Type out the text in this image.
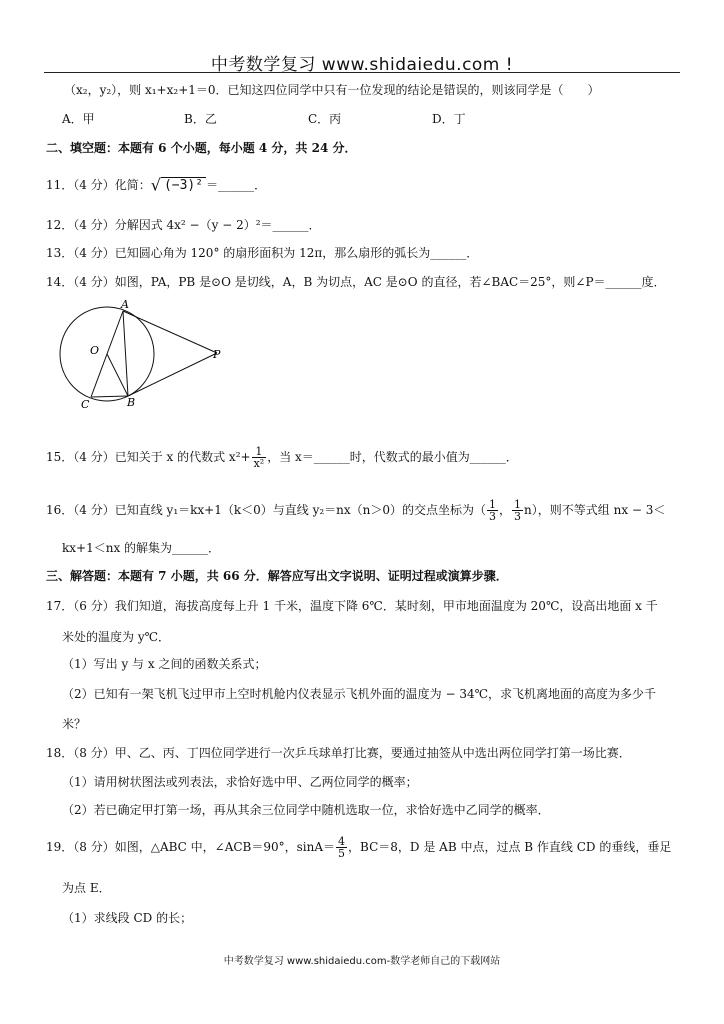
中考数学复习 www.shidaiedu.com !
（x₂，y₂），则 x₁+x₂+1＝0．已知这四位同学中只有一位发现的结论是错误的，则该同学是（　　）
A．甲	B．乙	C．丙	D．丁
二、填空题：本题有 6 个小题，每小题 4 分，共 24 分．
11．（4 分）化简：√ (−3)² ＝______．
12．（4 分）分解因式 4x² −（y − 2）²＝______．
13．（4 分）已知圆心角为 120° 的扇形面积为 12π，那么扇形的弧长为______．
14．（4 分）如图，PA，PB 是⊙O 是切线，A，B 为切点，AC 是⊙O 的直径，若∠BAC＝25°，则∠P＝______度．
A
O	P
C	B
15．（4 分）已知关于 x 的代数式 $x^2+ \frac{1}{\text{x²}}$ ，当 x＝______时，代数式的最小值为______．
16．（4 分）已知直线 y₁＝kx+1（k＜0）与直线 y₂＝nx（n＞0）的交点坐标为（ $\frac{1}{3}$ ， $\frac{1}{3} n$），则不等式组 nx − 3＜
kx+1＜nx 的解集为______．
三、解答题：本题有 7 小题，共 66 分．解答应写出文字说明、证明过程或演算步骤．
17．（6 分）我们知道，海拔高度每上升 1 千米，温度下降 6℃．某时刻，甲市地面温度为 20℃，设高出地面 x 千
米处的温度为 y℃．
（1）写出 y 与 x 之间的函数关系式；
（2）已知有一架飞机飞过甲市上空时机舱内仪表显示飞机外面的温度为 − 34℃，求飞机离地面的高度为多少千
米？
18．（8 分）甲、乙、丙、丁四位同学进行一次乒乓球单打比赛，要通过抽签从中选出两位同学打第一场比赛．
（1）请用树状图法或列表法，求恰好选中甲、乙两位同学的概率；
（2）若已确定甲打第一场，再从其余三位同学中随机选取一位，求恰好选中乙同学的概率．
19．（8 分）如图，△ABC 中，∠ACB＝90°，$\sin A= \frac{4}{5}$ ，BC＝8，D 是 AB 中点，过点 B 作直线 CD 的垂线，垂足
为点 E．
（1）求线段 CD 的长；
中考数学复习 www.shidaiedu.com-数学老师自己的下载网站
